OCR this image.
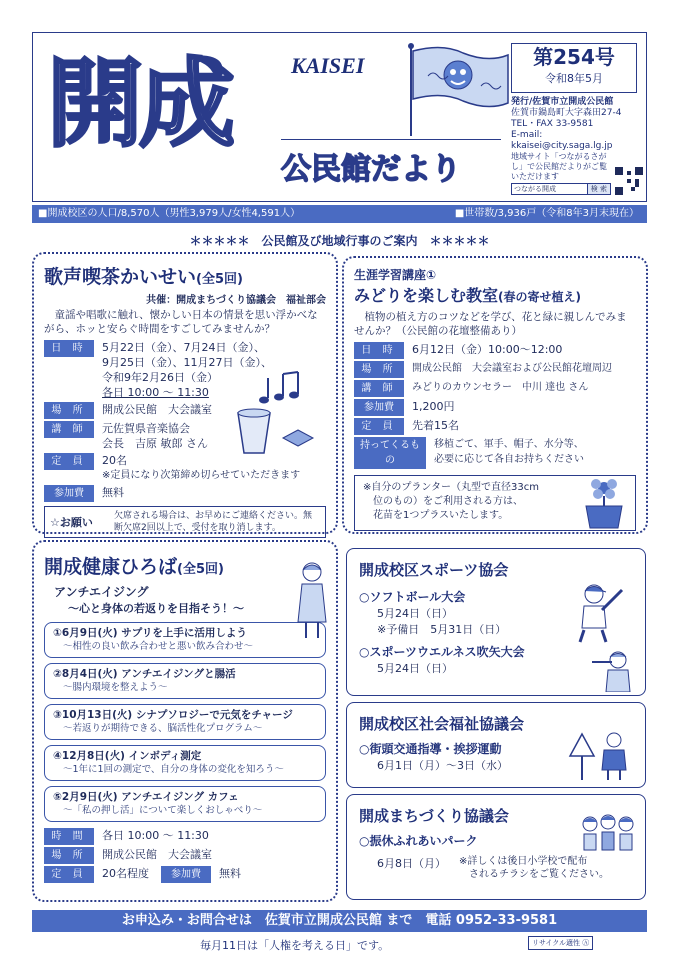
開成	KAISEI
公民館だより
第254号
令和8年5月
発行/佐賀市立開成公民館
佐賀市鍋島町大字森田27-4
TEL・FAX 33-9581
E-mail:
kkaisei@city.saga.lg.jp
地域サイト「つながるさがし」で公民館だよりがご覧いただけます
つながる開成	検 索
■開成校区の人口/8,570人（男性3,979人/女性4,591人）	■世帯数/3,936戸（令和8年3月末現在）
＊＊＊＊＊　公民館及び地域行事のご案内　＊＊＊＊＊
歌声喫茶かいせい(全5回)
共催：開成まちづくり協議会　福祉部会
童謡や唱歌に触れ、懐かしい日本の情景を思い浮かべながら、ホッと安らぐ時間をすごしてみませんか？
日 時	5月22日（金）、7月24日（金）、
9月25日（金）、11月27日（金）、
令和9年2月26日（金）
各日 10:00 ～ 11:30
場 所	開成公民館　大会議室
講 師	元佐賀県音楽協会
会長　吉原 敏郎 さん
定 員	20名
※定員になり次第締め切らせていただきます
参加費	無料
☆お願い	欠席される場合は、お早めにご連絡ください。無断欠席2回以上で、受付を取り消します。
生涯学習講座①
みどりを楽しむ教室(春の寄せ植え)
植物の植え方のコツなどを学び、花と緑に親しんでみませんか？（公民館の花壇整備あり）
日 時	6月12日（金）10:00～12:00
場 所	開成公民館　大会議室および公民館花壇周辺
講 師	みどりのカウンセラー　中川 達也 さん
参加費	1,200円
定 員	先着15名
持ってくるもの
移植ごて、軍手、帽子、水分等、
必要に応じて各自お持ちください
※自分のプランター（丸型で直径33cm
位のもの）をご利用される方は、
花苗を1つプラスいたします。
開成健康ひろば(全5回)
アンチエイジング
～心と身体の若返りを目指そう！～
①6月9日(火) サプリを上手に活用しよう
～相性の良い飲み合わせと悪い飲み合わせ～
②8月4日(火) アンチエイジングと腸活
～腸内環境を整えよう～
③10月13日(火) シナプソロジーで元気をチャージ
～若返りが期待できる、脳活性化プログラム～
④12月8日(火) インボディ測定
～1年に1回の測定で、自分の身体の変化を知ろう～
⑤2月9日(火) アンチエイジング カフェ
～「私の押し活」について楽しくおしゃべり～
時 間	各日 10:00 ～ 11:30
場 所	開成公民館　大会議室
定 員	20名程度	参加費	無料
開成校区スポーツ協会
○ソフトボール大会
5月24日（日）
※予備日　5月31日（日）
○スポーツウエルネス吹矢大会
5月24日（日）
開成校区社会福祉協議会
○街頭交通指導・挨拶運動
6月1日（月）～3日（水）
開成まちづくり協議会
○振休ふれあいパーク
6月8日（月）	※詳しくは後日小学校で配布
されるチラシをご覧ください。
お申込み・お問合せは　佐賀市立開成公民館 まで　電話 0952-33-9581
毎月11日は「人権を考える日」です。	リサイクル適性 Ⓐ
